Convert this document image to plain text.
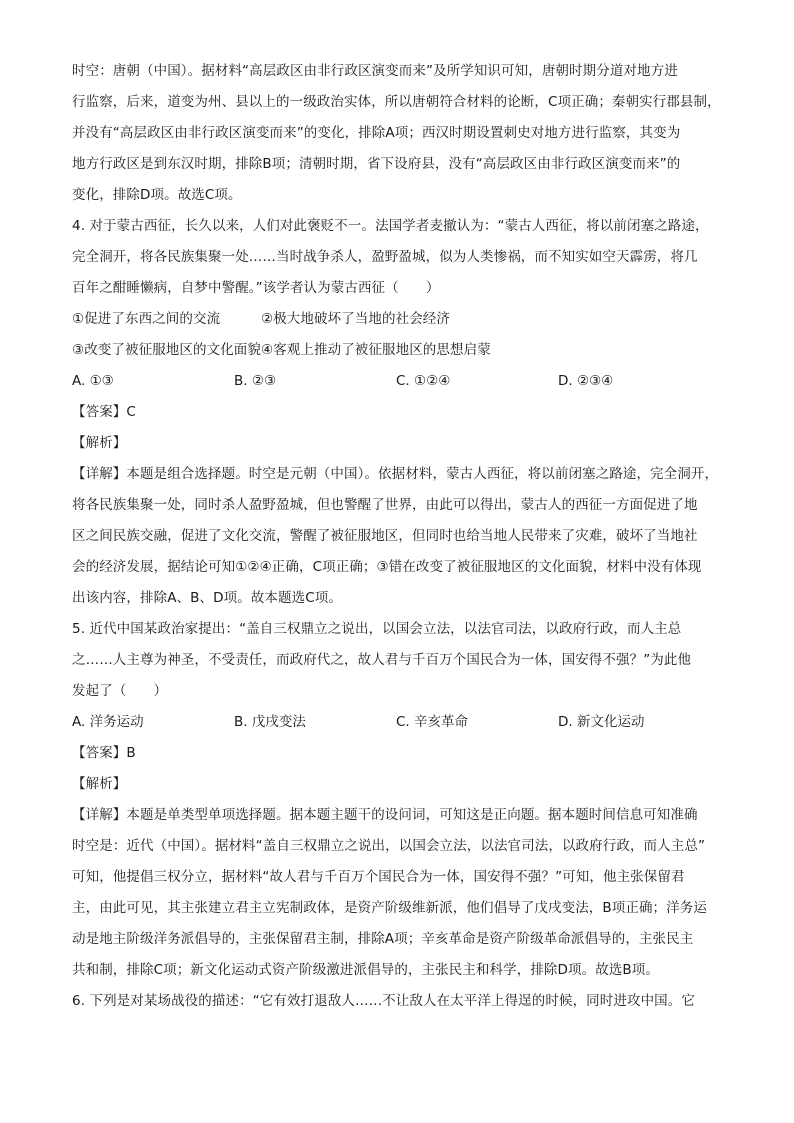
时空：唐朝（中国）。据材料“高层政区由非行政区演变而来”及所学知识可知，唐朝时期分道对地方进
行监察，后来，道变为州、县以上的一级政治实体，所以唐朝符合材料的论断，C项正确；秦朝实行郡县制，
并没有“高层政区由非行政区演变而来”的变化，排除A项；西汉时期设置刺史对地方进行监察，其变为
地方行政区是到东汉时期，排除B项；清朝时期，省下设府县，没有“高层政区由非行政区演变而来”的
变化，排除D项。故选C项。
4. 对于蒙古西征，长久以来，人们对此褒贬不一。法国学者麦撤认为：“蒙古人西征，将以前闭塞之路途，
完全洞开，将各民族集聚一处……当时战争杀人，盈野盈城，似为人类惨祸，而不知实如空天霹雳，将几
百年之酣睡懒病，自梦中警醒。”该学者认为蒙古西征（　　）
①促进了东西之间的交流　　　②极大地破坏了当地的社会经济
③改变了被征服地区的文化面貌④客观上推动了被征服地区的思想启蒙
A. ①③	B. ②③	C. ①②④	D. ②③④
【答案】C
【解析】
【详解】本题是组合选择题。时空是元朝（中国）。依据材料，蒙古人西征，将以前闭塞之路途，完全洞开，
将各民族集聚一处，同时杀人盈野盈城，但也警醒了世界，由此可以得出，蒙古人的西征一方面促进了地
区之间民族交融，促进了文化交流，警醒了被征服地区，但同时也给当地人民带来了灾难，破坏了当地社
会的经济发展，据结论可知①②④正确，C项正确；③错在改变了被征服地区的文化面貌，材料中没有体现
出该内容，排除A、B、D项。故本题选C项。
5. 近代中国某政治家提出：“盖自三权鼎立之说出，以国会立法，以法官司法，以政府行政，而人主总
之……人主尊为神圣，不受责任，而政府代之，故人君与千百万个国民合为一体，国安得不强？”为此他
发起了（　　）
A. 洋务运动	B. 戊戌变法	C. 辛亥革命	D. 新文化运动
【答案】B
【解析】
【详解】本题是单类型单项选择题。据本题主题干的设问词，可知这是正向题。据本题时间信息可知准确
时空是：近代（中国）。据材料“盖自三权鼎立之说出，以国会立法，以法官司法，以政府行政，而人主总”
可知，他提倡三权分立，据材料“故人君与千百万个国民合为一体，国安得不强？”可知，他主张保留君
主，由此可见，其主张建立君主立宪制政体，是资产阶级维新派，他们倡导了戊戌变法，B项正确；洋务运
动是地主阶级洋务派倡导的，主张保留君主制，排除A项；辛亥革命是资产阶级革命派倡导的，主张民主
共和制，排除C项；新文化运动式资产阶级激进派倡导的，主张民主和科学，排除D项。故选B项。
6. 下列是对某场战役的描述：“它有效打退敌人……不让敌人在太平洋上得逞的时候，同时进攻中国。它
